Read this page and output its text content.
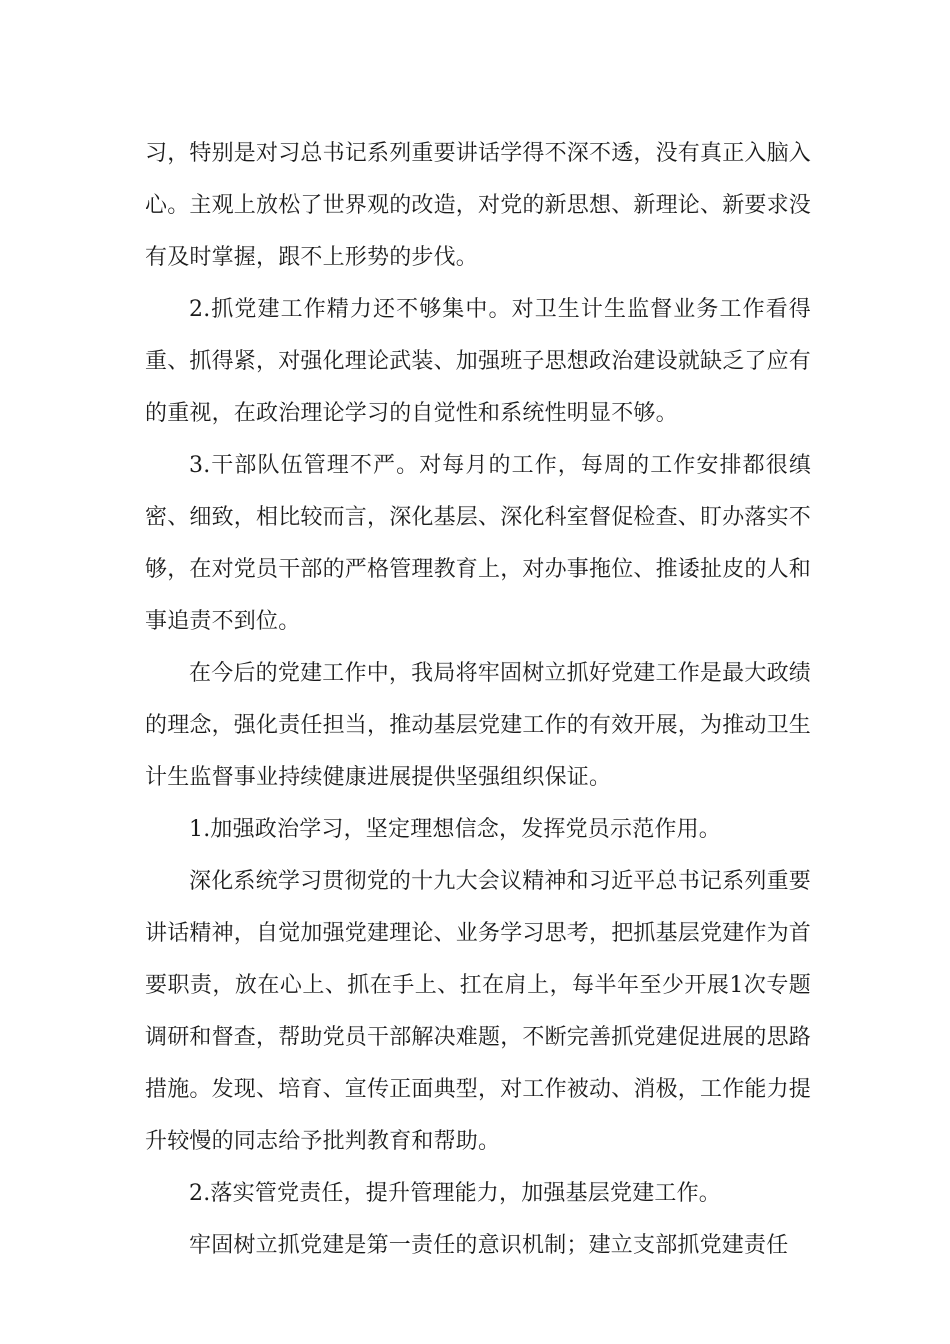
习，特别是对习总书记系列重要讲话学得不深不透，没有真正入脑入心。主观上放松了世界观的改造，对党的新思想、新理论、新要求没有及时掌握，跟不上形势的步伐。

2.抓党建工作精力还不够集中。对卫生计生监督业务工作看得重、抓得紧，对强化理论武装、加强班子思想政治建设就缺乏了应有的重视，在政治理论学习的自觉性和系统性明显不够。

3.干部队伍管理不严。对每月的工作，每周的工作安排都很缜密、细致，相比较而言，深化基层、深化科室督促检查、盯办落实不够，在对党员干部的严格管理教育上，对办事拖位、推诿扯皮的人和事追责不到位。

在今后的党建工作中，我局将牢固树立抓好党建工作是最大政绩的理念，强化责任担当，推动基层党建工作的有效开展，为推动卫生计生监督事业持续健康进展提供坚强组织保证。

1.加强政治学习，坚定理想信念，发挥党员示范作用。

深化系统学习贯彻党的十九大会议精神和习近平总书记系列重要讲话精神，自觉加强党建理论、业务学习思考，把抓基层党建作为首要职责，放在心上、抓在手上、扛在肩上，每半年至少开展1次专题调研和督查，帮助党员干部解决难题，不断完善抓党建促进展的思路措施。发现、培育、宣传正面典型，对工作被动、消极，工作能力提升较慢的同志给予批判教育和帮助。

2.落实管党责任，提升管理能力，加强基层党建工作。

牢固树立抓党建是第一责任的意识机制；建立支部抓党建责任
